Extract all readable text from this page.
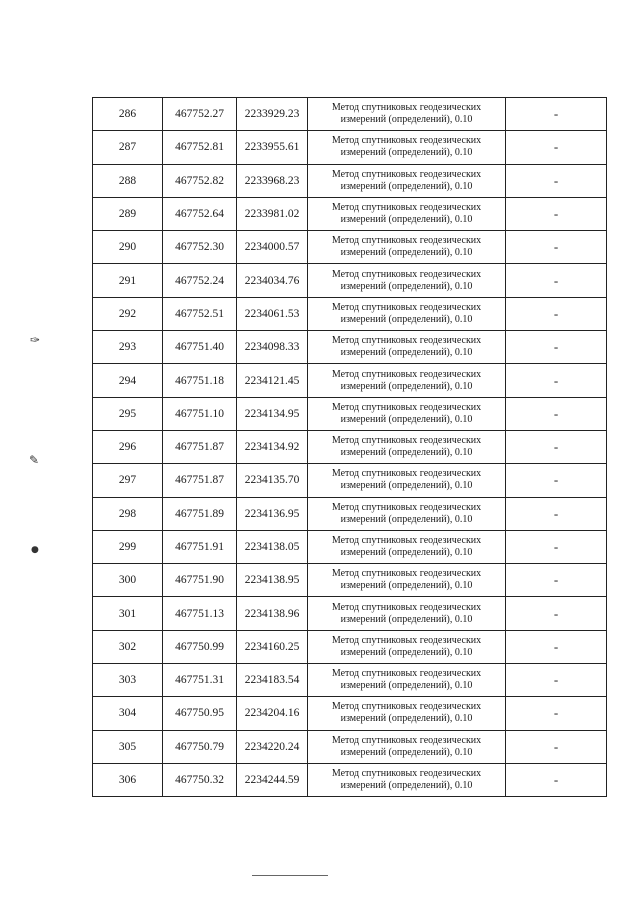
286	467752.27	2233929.23	Метод спутниковых геодезических
измерений (определений), 0.10	-
287	467752.81	2233955.61	Метод спутниковых геодезических
измерений (определений), 0.10	-
288	467752.82	2233968.23	Метод спутниковых геодезических
измерений (определений), 0.10	-
289	467752.64	2233981.02	Метод спутниковых геодезических
измерений (определений), 0.10	-
290	467752.30	2234000.57	Метод спутниковых геодезических
измерений (определений), 0.10	-
291	467752.24	2234034.76	Метод спутниковых геодезических
измерений (определений), 0.10	-
292	467752.51	2234061.53	Метод спутниковых геодезических
измерений (определений), 0.10	-
293	467751.40	2234098.33	Метод спутниковых геодезических
измерений (определений), 0.10	-
294	467751.18	2234121.45	Метод спутниковых геодезических
измерений (определений), 0.10	-
295	467751.10	2234134.95	Метод спутниковых геодезических
измерений (определений), 0.10	-
296	467751.87	2234134.92	Метод спутниковых геодезических
измерений (определений), 0.10	-
297	467751.87	2234135.70	Метод спутниковых геодезических
измерений (определений), 0.10	-
298	467751.89	2234136.95	Метод спутниковых геодезических
измерений (определений), 0.10	-
299	467751.91	2234138.05	Метод спутниковых геодезических
измерений (определений), 0.10	-
300	467751.90	2234138.95	Метод спутниковых геодезических
измерений (определений), 0.10	-
301	467751.13	2234138.96	Метод спутниковых геодезических
измерений (определений), 0.10	-
302	467750.99	2234160.25	Метод спутниковых геодезических
измерений (определений), 0.10	-
303	467751.31	2234183.54	Метод спутниковых геодезических
измерений (определений), 0.10	-
304	467750.95	2234204.16	Метод спутниковых геодезических
измерений (определений), 0.10	-
305	467750.79	2234220.24	Метод спутниковых геодезических
измерений (определений), 0.10	-
306	467750.32	2234244.59	Метод спутниковых геодезических
измерений (определений), 0.10	-
✑
✎
●
